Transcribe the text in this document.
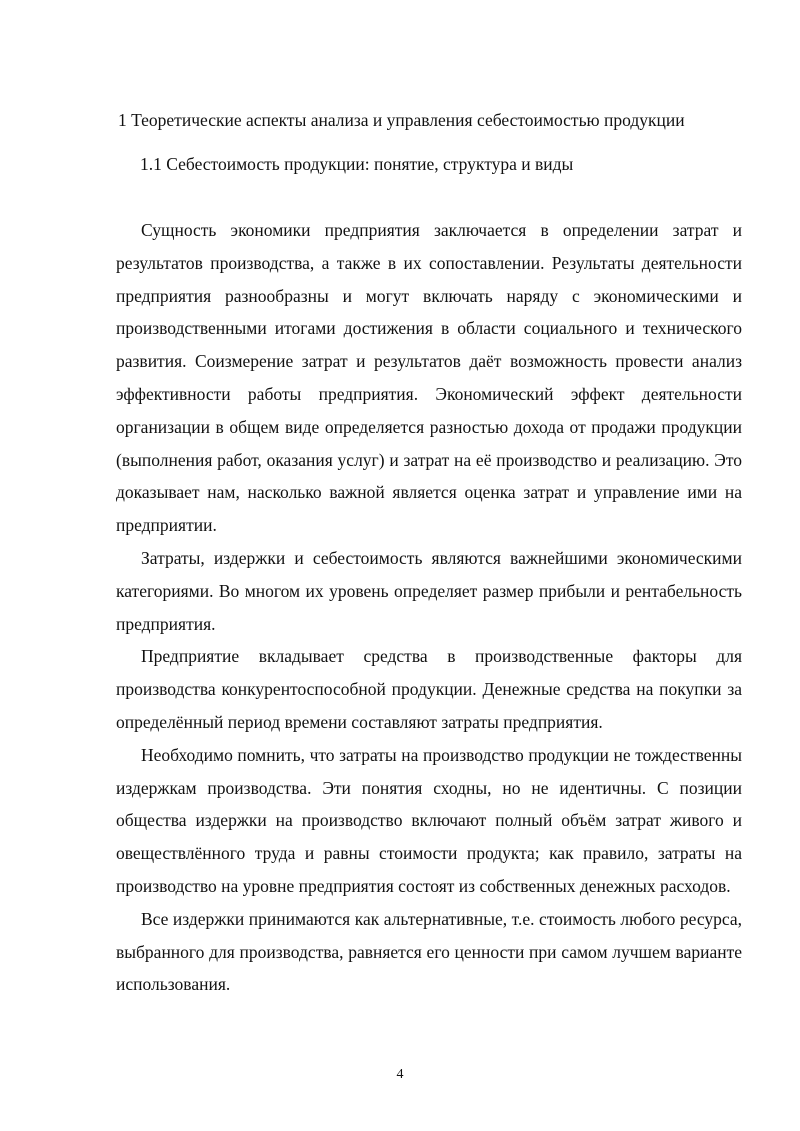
1 Теоретические аспекты анализа и управления себестоимостью продукции
1.1 Себестоимость продукции: понятие, структура и виды

Сущность экономики предприятия заключается в определении затрат и результатов производства, а также в их сопоставлении. Результаты деятельности предприятия разнообразны и могут включать наряду с экономическими и производственными итогами достижения в области социального и технического развития. Соизмерение затрат и результатов даёт возможность провести анализ эффективности работы предприятия. Экономический эффект деятельности организации в общем виде определяется разностью дохода от продажи продукции (выполнения работ, оказания услуг) и затрат на её производство и реализацию. Это доказывает нам, насколько важной является оценка затрат и управление ими на предприятии.

Затраты, издержки и себестоимость являются важнейшими экономическими категориями. Во многом их уровень определяет размер прибыли и рентабельность предприятия.

Предприятие вкладывает средства в производственные факторы для производства конкурентоспособной продукции. Денежные средства на покупки за определённый период времени составляют затраты предприятия.

Необходимо помнить, что затраты на производство продукции не тождественны издержкам производства. Эти понятия сходны, но не идентичны. С позиции общества издержки на производство включают полный объём затрат живого и овеществлённого труда и равны стоимости продукта; как правило, затраты на производство на уровне предприятия состоят из собственных денежных расходов.

Все издержки принимаются как альтернативные, т.е. стоимость любого ресурса, выбранного для производства, равняется его ценности при самом лучшем варианте использования.

4
